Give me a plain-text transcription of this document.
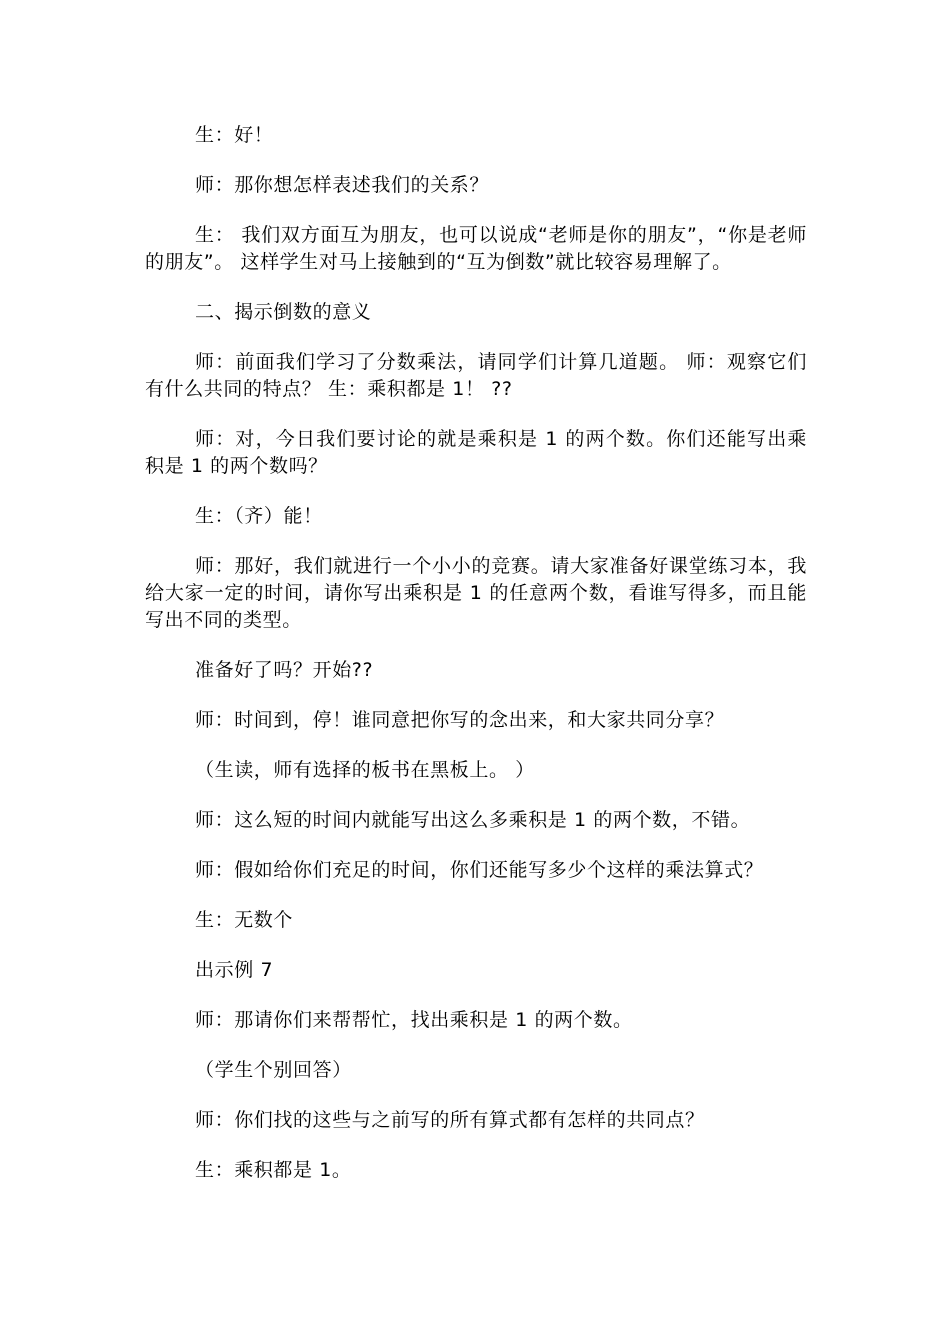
生：好！

师：那你想怎样表述我们的关系？

生： 我们双方面互为朋友，也可以说成“老师是你的朋友”，“你是老师的朋友”。 这样学生对马上接触到的“互为倒数”就比较容易理解了。

二、揭示倒数的意义

师：前面我们学习了分数乘法，请同学们计算几道题。 师：观察它们有什么共同的特点？ 生：乘积都是 1！ ??

师：对，今日我们要讨论的就是乘积是 1 的两个数。你们还能写出乘积是 1 的两个数吗？

生：（齐）能！

师：那好，我们就进行一个小小的竞赛。请大家准备好课堂练习本，我给大家一定的时间，请你写出乘积是 1 的任意两个数，看谁写得多，而且能写出不同的类型。

准备好了吗？开始??

师：时间到，停！谁同意把你写的念出来，和大家共同分享？

（生读，师有选择的板书在黑板上。 ）

师：这么短的时间内就能写出这么多乘积是 1 的两个数，不错。

师：假如给你们充足的时间，你们还能写多少个这样的乘法算式？

生：无数个

出示例 7

师：那请你们来帮帮忙，找出乘积是 1 的两个数。

（学生个别回答）

师：你们找的这些与之前写的所有算式都有怎样的共同点？

生：乘积都是 1。
